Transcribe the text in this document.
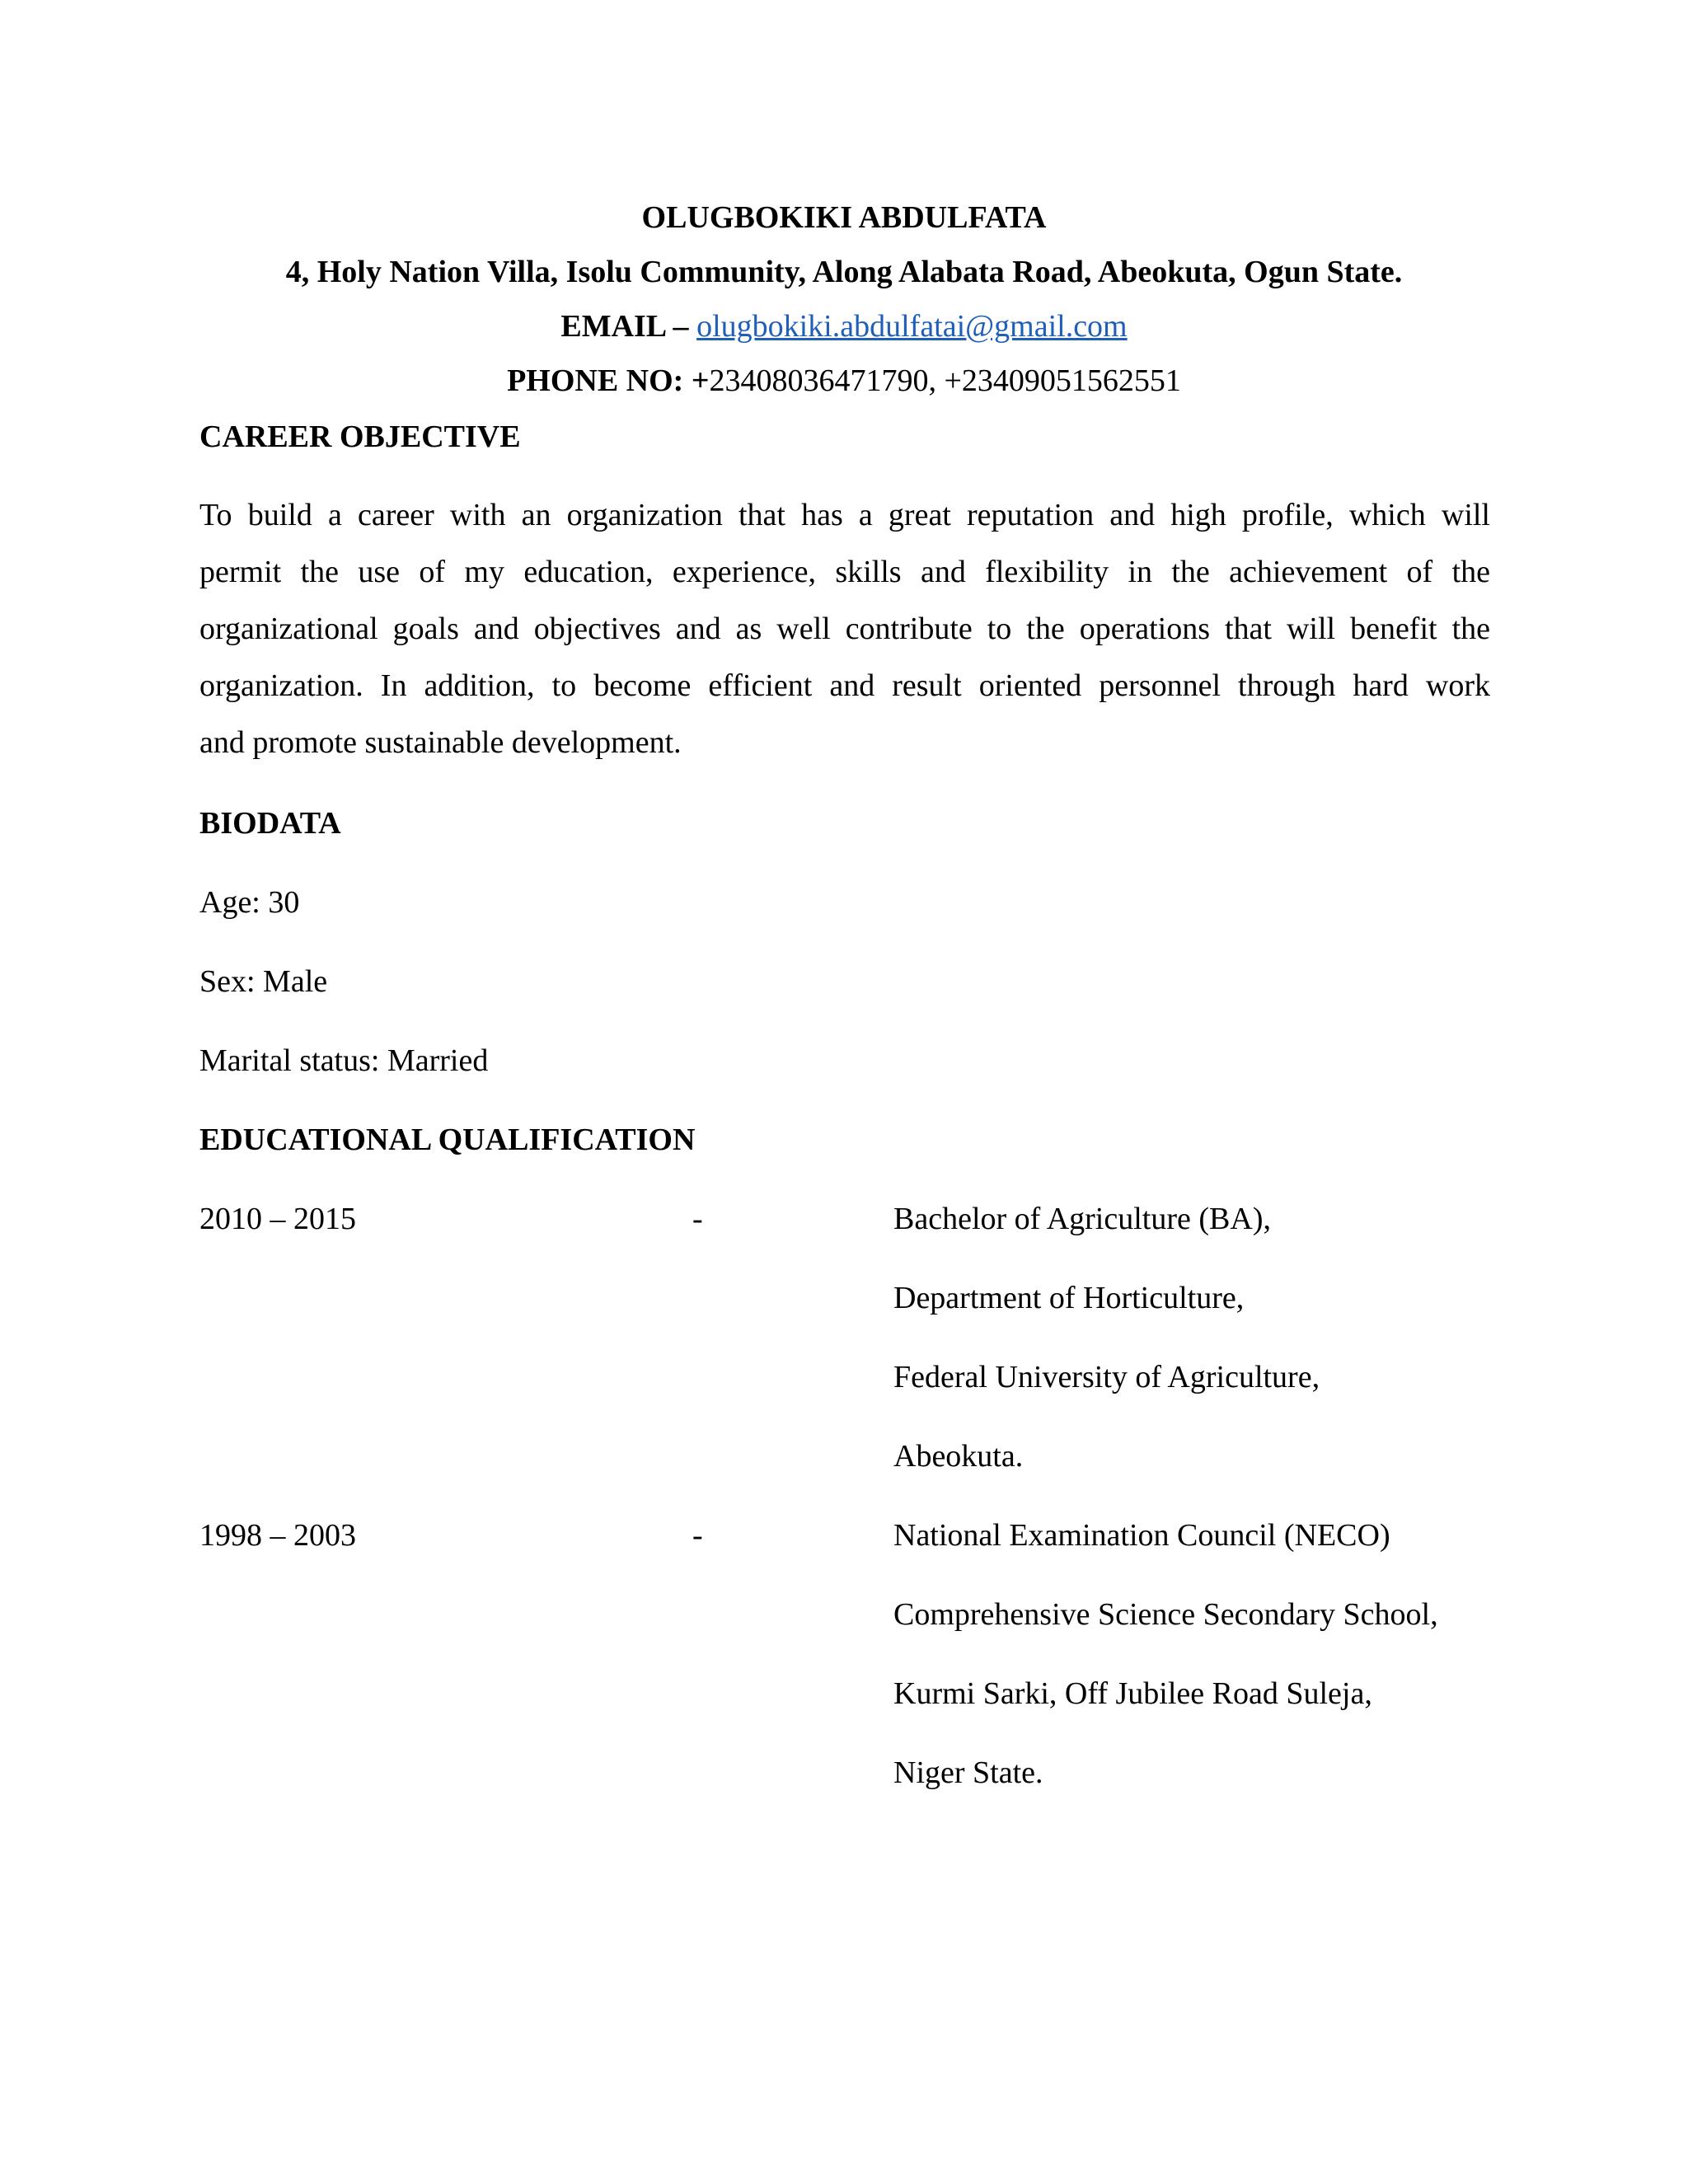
OLUGBOKIKI ABDULFATA
4, Holy Nation Villa, Isolu Community, Along Alabata Road, Abeokuta, Ogun State.
EMAIL – olugbokiki.abdulfatai@gmail.com
PHONE NO: +23408036471790, +23409051562551
CAREER OBJECTIVE
To build a career with an organization that has a great reputation and high profile, which will
permit the use of my education, experience, skills and flexibility in the achievement of the
organizational goals and objectives and as well contribute to the operations that will benefit the
organization. In addition, to become efficient and result oriented personnel through hard work
and promote sustainable development.
BIODATA
Age: 30
Sex: Male
Marital status: Married
EDUCATIONAL QUALIFICATION
2010 – 2015	-	Bachelor of Agriculture (BA),
Department of Horticulture,
Federal University of Agriculture,
Abeokuta.
1998 – 2003	-	National Examination Council (NECO)
Comprehensive Science Secondary School,
Kurmi Sarki, Off Jubilee Road Suleja,
Niger State.
